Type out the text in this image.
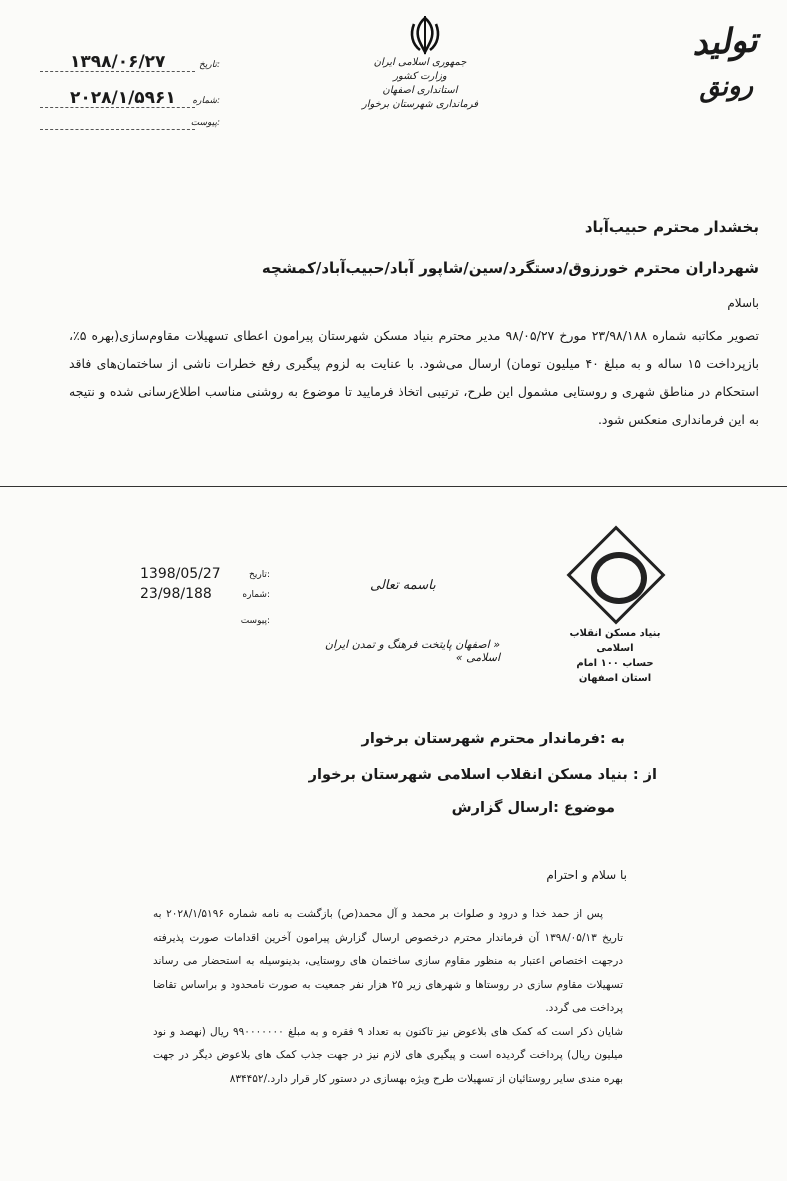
تولید
رونق
جمهوری اسلامی ایران
وزارت کشور
استانداری اصفهان
فرمانداری شهرستان برخوار
۱۳۹۸/۰۶/۲۷	تاریخ:
۲۰۲۸/۱/۵۹۶۱ شماره:
پیوست:
بخشدار محترم حبیب‌آباد
شهرداران محترم خورزوق/دستگرد/سین/شاپور آباد/حبیب‌آباد/کمشچه
باسلام
تصویر مکاتبه شماره ۲۳/۹۸/۱۸۸ مورخ ۹۸/۰۵/۲۷ مدیر محترم بنیاد مسکن شهرستان پیرامون اعطای تسهیلات مقاوم‌سازی(بهره ۵٪، بازپرداخت ۱۵ ساله و به مبلغ ۴۰ میلیون تومان) ارسال می‌شود. با عنایت به لزوم پیگیری رفع خطرات ناشی از ساختمان‌های فاقد استحکام در مناطق شهری و روستایی مشمول این طرح، ترتیبی اتخاذ فرمایید تا موضوع به روشنی مناسب اطلاع‌رسانی شده و نتیجه به این فرمانداری منعکس شود.
بنیاد مسکن انقلاب اسلامی
حساب ۱۰۰ امام
استان اصفهان
1398/05/27	تاریخ:
23/98/188	شماره:
پیوست:
باسمه تعالی
« اصفهان پایتخت فرهنگ و تمدن ایران اسلامی »
به :فرماندار محترم شهرستان برخوار
از : بنیاد مسکن انقلاب اسلامی شهرستان برخوار
موضوع :ارسال گزارش
با سلام و احترام
پس از حمد خدا و درود و صلوات بر محمد و آل محمد(ص) بازگشت به نامه شماره ۲۰۲۸/۱/۵۱۹۶ به تاریخ ۱۳۹۸/۰۵/۱۳ آن فرماندار محترم درخصوص ارسال گزارش پیرامون آخرین اقدامات صورت پذیرفته درجهت اختصاص اعتبار به منظور مقاوم سازی ساختمان های روستایی، بدینوسیله به استحضار می رساند تسهیلات مقاوم سازی در روستاها و شهرهای زیر ۲۵ هزار نفر جمعیت به صورت نامحدود و براساس تقاضا پرداخت می گردد.
شایان ذکر است که کمک های بلاعوض نیز تاکنون به تعداد ۹ فقره و به مبلغ ۹۹۰۰۰۰۰۰۰ ریال (نهصد و نود میلیون ریال) پرداخت گردیده است و پیگیری های لازم نیز در جهت جذب کمک های بلاعوض دیگر در جهت بهره مندی سایر روستائیان از تسهیلات طرح ویژه بهسازی در دستور کار قرار دارد./۸۳۴۴۵۲
